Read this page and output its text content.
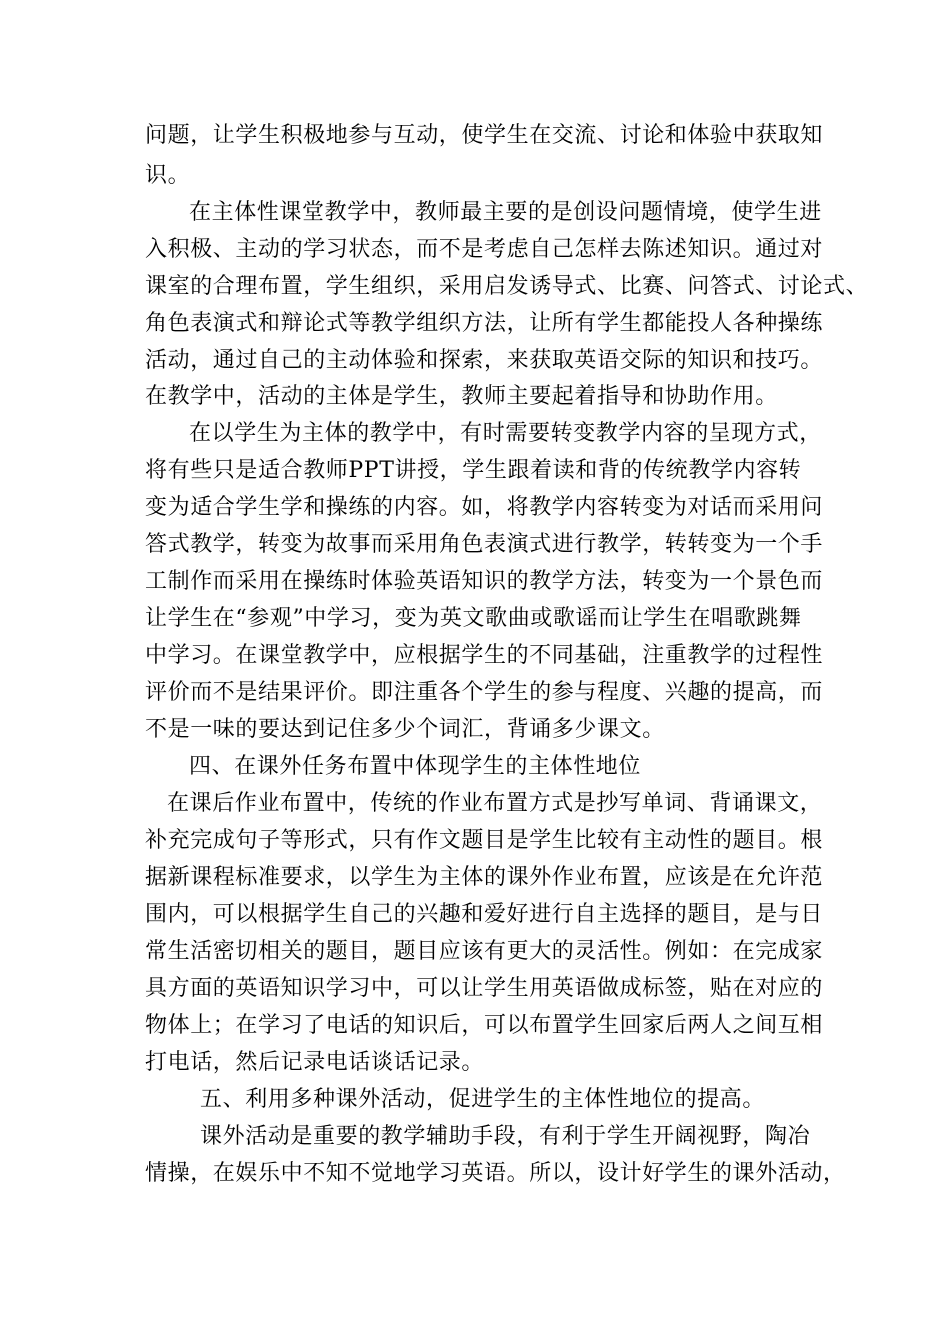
问题，让学生积极地参与互动，使学生在交流、讨论和体验中获取知
识。
在主体性课堂教学中，教师最主要的是创设问题情境，使学生进
入积极、主动的学习状态，而不是考虑自己怎样去陈述知识。通过对
课室的合理布置，学生组织，采用启发诱导式、比赛、问答式、讨论式、
角色表演式和辩论式等教学组织方法，让所有学生都能投人各种操练
活动，通过自己的主动体验和探索，来获取英语交际的知识和技巧。
在教学中，活动的主体是学生，教师主要起着指导和协助作用。
在以学生为主体的教学中，有时需要转变教学内容的呈现方式，
将有些只是适合教师PPT讲授，学生跟着读和背的传统教学内容转
变为适合学生学和操练的内容。如，将教学内容转变为对话而采用问
答式教学，转变为故事而采用角色表演式进行教学，转转变为一个手
工制作而采用在操练时体验英语知识的教学方法，转变为一个景色而
让学生在“参观”中学习，变为英文歌曲或歌谣而让学生在唱歌跳舞
中学习。在课堂教学中，应根据学生的不同基础，注重教学的过程性
评价而不是结果评价。即注重各个学生的参与程度、兴趣的提高，而
不是一味的要达到记住多少个词汇，背诵多少课文。
四、在课外任务布置中体现学生的主体性地位
在课后作业布置中，传统的作业布置方式是抄写单词、背诵课文，
补充完成句子等形式，只有作文题目是学生比较有主动性的题目。根
据新课程标准要求，以学生为主体的课外作业布置，应该是在允许范
围内，可以根据学生自己的兴趣和爱好进行自主选择的题目，是与日
常生活密切相关的题目，题目应该有更大的灵活性。例如：在完成家
具方面的英语知识学习中，可以让学生用英语做成标签，贴在对应的
物体上；在学习了电话的知识后，可以布置学生回家后两人之间互相
打电话，然后记录电话谈话记录。
五、利用多种课外活动，促进学生的主体性地位的提高。
课外活动是重要的教学辅助手段，有利于学生开阔视野，陶冶
情操，在娱乐中不知不觉地学习英语。所以，设计好学生的课外活动，
